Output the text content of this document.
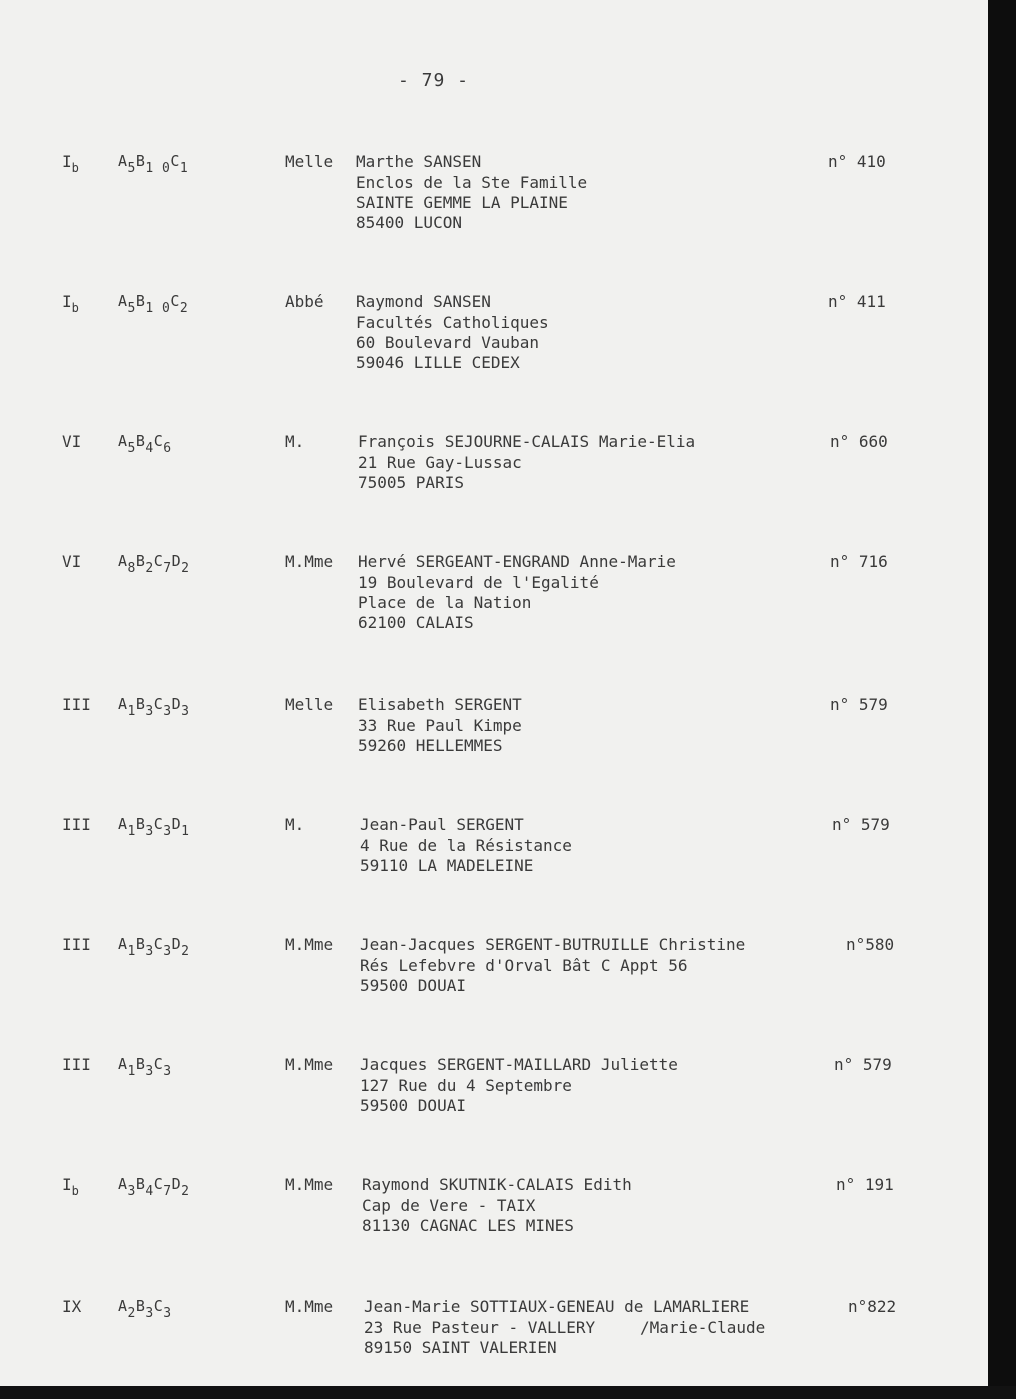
- 79 -
$I_b$	$A_5B_{1 0}C_1$	Melle Marthe SANSEN
Enclos de la Ste Famille
SAINTE GEMME LA PLAINE
85400 LUCON
n° 410
$I_b$	$A_5B_{1 0}C_2$	Abbé Raymond SANSEN
Facultés Catholiques
60 Boulevard Vauban
59046 LILLE CEDEX
n° 411
VI $A_5B_4C_6$	M.	François SEJOURNE-CALAIS Marie-Elia
21 Rue Gay-Lussac
75005 PARIS
n° 660
VI $A_8B_2C_7D_2$	M.Mme Hervé SERGEANT-ENGRAND Anne-Marie
19 Boulevard de l'Egalité
Place de la Nation
62100 CALAIS
n° 716
III $A_1B_3C_3D_3$	Melle Elisabeth SERGENT
33 Rue Paul Kimpe
59260 HELLEMMES
n° 579
III $A_1B_3C_3D_1$	M.	Jean-Paul SERGENT
4 Rue de la Résistance
59110 LA MADELEINE
n° 579
III $A_1B_3C_3D_2$	M.Mme Jean-Jacques SERGENT-BUTRUILLE Christine
Rés Lefebvre d'Orval Bât C Appt 56
59500 DOUAI
n°580
III $A_1B_3C_3$	M.Mme Jacques SERGENT-MAILLARD Juliette
127 Rue du 4 Septembre
59500 DOUAI
n° 579
$I_b$	$A_3B_4C_7D_2$	M.Mme Raymond SKUTNIK-CALAIS Edith
Cap de Vere - TAIX
81130 CAGNAC LES MINES
n° 191
IX $A_2B_3C_3$	M.Mme Jean-Marie SOTTIAUX-GENEAU de LAMARLIERE
23 Rue Pasteur - VALLERY
89150 SAINT VALERIEN
/Marie-Claude
n°822
